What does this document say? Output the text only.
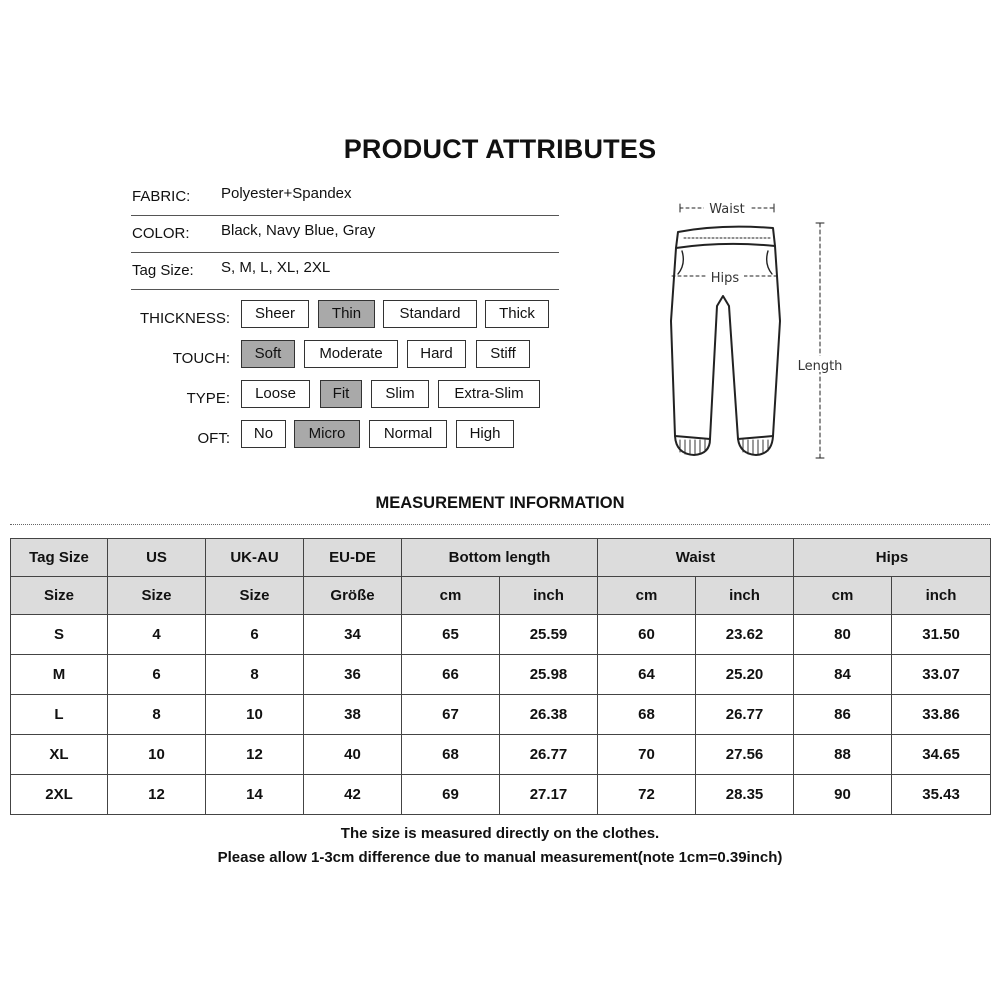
PRODUCT ATTRIBUTES
FABRIC: Polyester+Spandex
COLOR: Black, Navy Blue, Gray
Tag Size: S, M, L, XL, 2XL
THICKNESS:	Sheer	Thin	Standard	Thick
TOUCH:	Soft	Moderate	Hard	Stiff
TYPE:	Loose	Fit	Slim	Extra-Slim
OFT:	No	Micro	Normal	High
Waist
Hips
Length
MEASUREMENT INFORMATION
Tag Size	US	UK-AU	EU-DE	Bottom length		Waist		Hips	
Size	Size	Size	Größe	cm	inch	cm	inch	cm	inch
S	4	6	34	65	25.59	60	23.62	80	31.50
M	6	8	36	66	25.98	64	25.20	84	33.07
L	8	10	38	67	26.38	68	26.77	86	33.86
XL	10	12	40	68	26.77	70	27.56	88	34.65
2XL	12	14	42	69	27.17	72	28.35	90	35.43
The size is measured directly on the clothes.
Please allow 1-3cm difference due to manual measurement(note 1cm=0.39inch)
